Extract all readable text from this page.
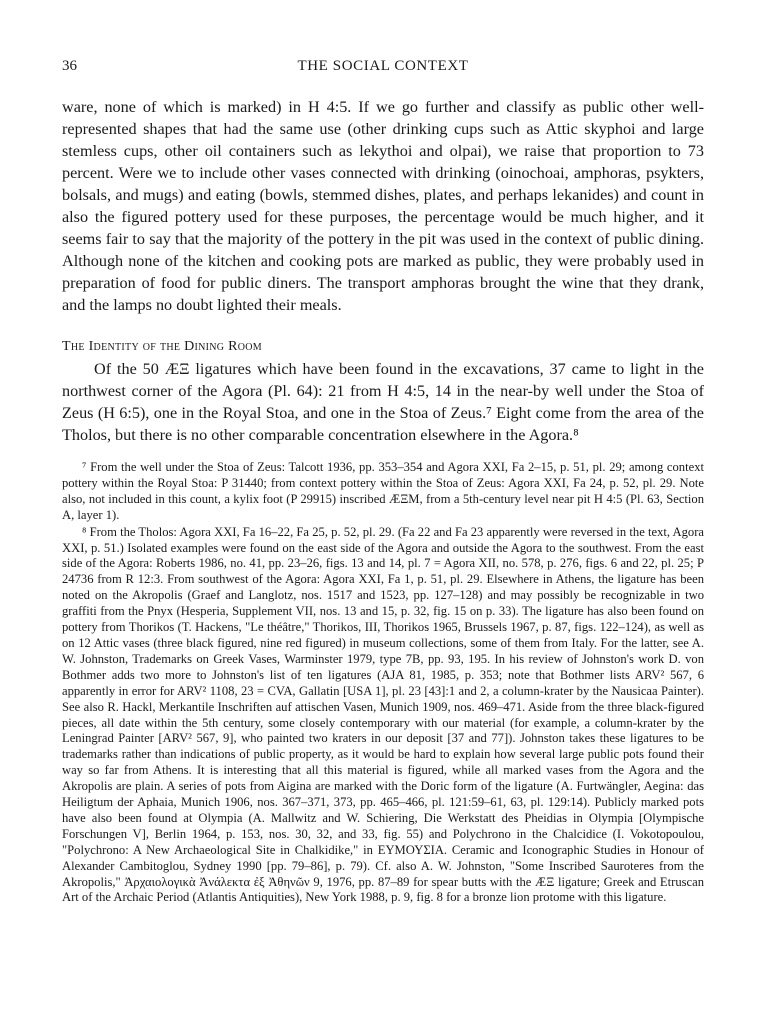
36	THE SOCIAL CONTEXT

ware, none of which is marked) in H 4:5. If we go further and classify as public other well-represented shapes that had the same use (other drinking cups such as Attic skyphoi and large stemless cups, other oil containers such as lekythoi and olpai), we raise that proportion to 73 percent. Were we to include other vases connected with drinking (oinochoai, amphoras, psykters, bolsals, and mugs) and eating (bowls, stemmed dishes, plates, and perhaps lekanides) and count in also the figured pottery used for these purposes, the percentage would be much higher, and it seems fair to say that the majority of the pottery in the pit was used in the context of public dining. Although none of the kitchen and cooking pots are marked as public, they were probably used in preparation of food for public diners. The transport amphoras brought the wine that they drank, and the lamps no doubt lighted their meals.

The Identity of the Dining Room

Of the 50 ÆΞ ligatures which have been found in the excavations, 37 came to light in the northwest corner of the Agora (Pl. 64): 21 from H 4:5, 14 in the near-by well under the Stoa of Zeus (H 6:5), one in the Royal Stoa, and one in the Stoa of Zeus.⁷ Eight come from the area of the Tholos, but there is no other comparable concentration elsewhere in the Agora.⁸

⁷ From the well under the Stoa of Zeus: Talcott 1936, pp. 353–354 and Agora XXI, Fa 2–15, p. 51, pl. 29; among context pottery within the Royal Stoa: P 31440; from context pottery within the Stoa of Zeus: Agora XXI, Fa 24, p. 52, pl. 29. Note also, not included in this count, a kylix foot (P 29915) inscribed ÆΞM, from a 5th-century level near pit H 4:5 (Pl. 63, Section A, layer 1).

⁸ From the Tholos: Agora XXI, Fa 16–22, Fa 25, p. 52, pl. 29. (Fa 22 and Fa 23 apparently were reversed in the text, Agora XXI, p. 51.) Isolated examples were found on the east side of the Agora and outside the Agora to the southwest. From the east side of the Agora: Roberts 1986, no. 41, pp. 23–26, figs. 13 and 14, pl. 7 = Agora XII, no. 578, p. 276, figs. 6 and 22, pl. 25; P 24736 from R 12:3. From southwest of the Agora: Agora XXI, Fa 1, p. 51, pl. 29. Elsewhere in Athens, the ligature has been noted on the Akropolis (Graef and Langlotz, nos. 1517 and 1523, pp. 127–128) and may possibly be recognizable in two graffiti from the Pnyx (Hesperia, Supplement VII, nos. 13 and 15, p. 32, fig. 15 on p. 33). The ligature has also been found on pottery from Thorikos (T. Hackens, "Le théâtre," Thorikos, III, Thorikos 1965, Brussels 1967, p. 87, figs. 122–124), as well as on 12 Attic vases (three black figured, nine red figured) in museum collections, some of them from Italy. For the latter, see A. W. Johnston, Trademarks on Greek Vases, Warminster 1979, type 7B, pp. 93, 195. In his review of Johnston's work D. von Bothmer adds two more to Johnston's list of ten ligatures (AJA 81, 1985, p. 353; note that Bothmer lists ARV² 567, 6 apparently in error for ARV² 1108, 23 = CVA, Gallatin [USA 1], pl. 23 [43]:1 and 2, a column-krater by the Nausicaa Painter). See also R. Hackl, Merkantile Inschriften auf attischen Vasen, Munich 1909, nos. 469–471. Aside from the three black-figured pieces, all date within the 5th century, some closely contemporary with our material (for example, a column-krater by the Leningrad Painter [ARV² 567, 9], who painted two kraters in our deposit [37 and 77]). Johnston takes these ligatures to be trademarks rather than indications of public property, as it would be hard to explain how several large public pots found their way so far from Athens. It is interesting that all this material is figured, while all marked vases from the Agora and the Akropolis are plain. A series of pots from Aigina are marked with the Doric form of the ligature (A. Furtwängler, Aegina: das Heiligtum der Aphaia, Munich 1906, nos. 367–371, 373, pp. 465–466, pl. 121:59–61, 63, pl. 129:14). Publicly marked pots have also been found at Olympia (A. Mallwitz and W. Schiering, Die Werkstatt des Pheidias in Olympia [Olympische Forschungen V], Berlin 1964, p. 153, nos. 30, 32, and 33, fig. 55) and Polychrono in the Chalcidice (I. Vokotopoulou, "Polychrono: A New Archaeological Site in Chalkidike," in ΕΥΜΟΥΣΙΑ. Ceramic and Iconographic Studies in Honour of Alexander Cambitoglou, Sydney 1990 [pp. 79–86], p. 79). Cf. also A. W. Johnston, "Some Inscribed Sauroteres from the Akropolis," Ἀρχαιολογικὰ Ἀνάλεκτα ἐξ Ἀθηνῶν 9, 1976, pp. 87–89 for spear butts with the ÆΞ ligature; Greek and Etruscan Art of the Archaic Period (Atlantis Antiquities), New York 1988, p. 9, fig. 8 for a bronze lion protome with this ligature.
